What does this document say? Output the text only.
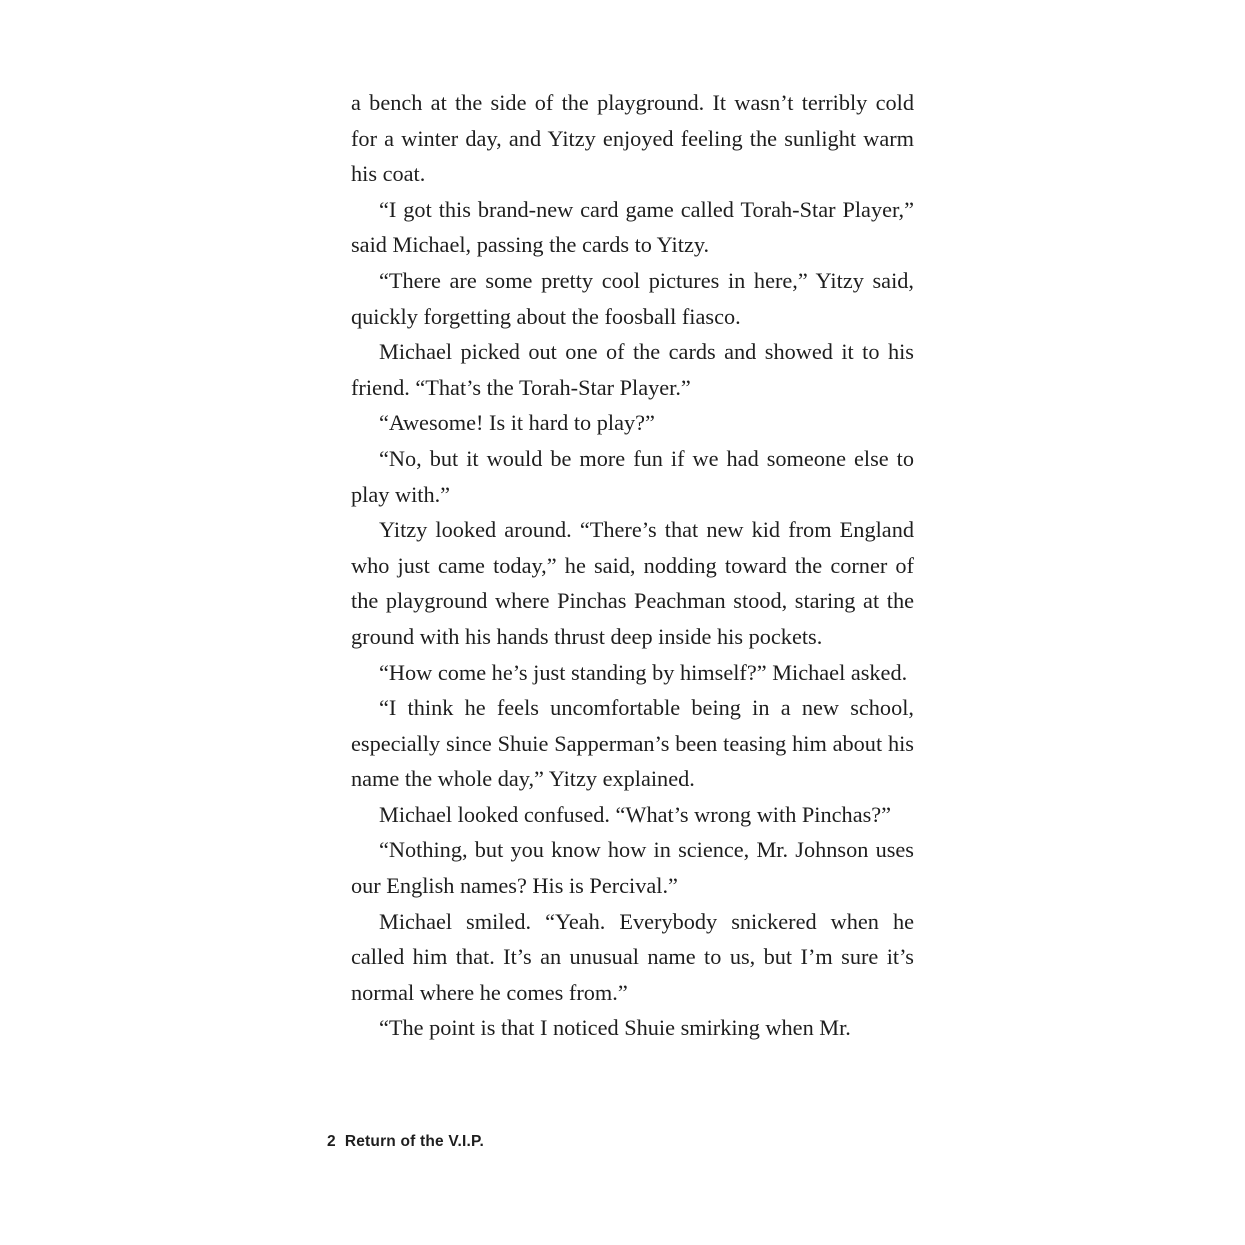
a bench at the side of the playground. It wasn’t terribly cold for a winter day, and Yitzy enjoyed feeling the sunlight warm his coat.

“I got this brand-new card game called Torah-Star Player,” said Michael, passing the cards to Yitzy.

“There are some pretty cool pictures in here,” Yitzy said, quickly forgetting about the foosball fiasco.

Michael picked out one of the cards and showed it to his friend. “That’s the Torah-Star Player.”

“Awesome! Is it hard to play?”

“No, but it would be more fun if we had someone else to play with.”

Yitzy looked around. “There’s that new kid from England who just came today,” he said, nodding toward the corner of the playground where Pinchas Peachman stood, staring at the ground with his hands thrust deep inside his pockets.

“How come he’s just standing by himself?” Michael asked.

“I think he feels uncomfortable being in a new school, especially since Shuie Sapperman’s been teasing him about his name the whole day,” Yitzy explained.

Michael looked confused. “What’s wrong with Pinchas?”

“Nothing, but you know how in science, Mr. Johnson uses our English names? His is Percival.”

Michael smiled. “Yeah. Everybody snickered when he called him that. It’s an unusual name to us, but I’m sure it’s normal where he comes from.”

“The point is that I noticed Shuie smirking when Mr.

2 Return of the V.I.P.
